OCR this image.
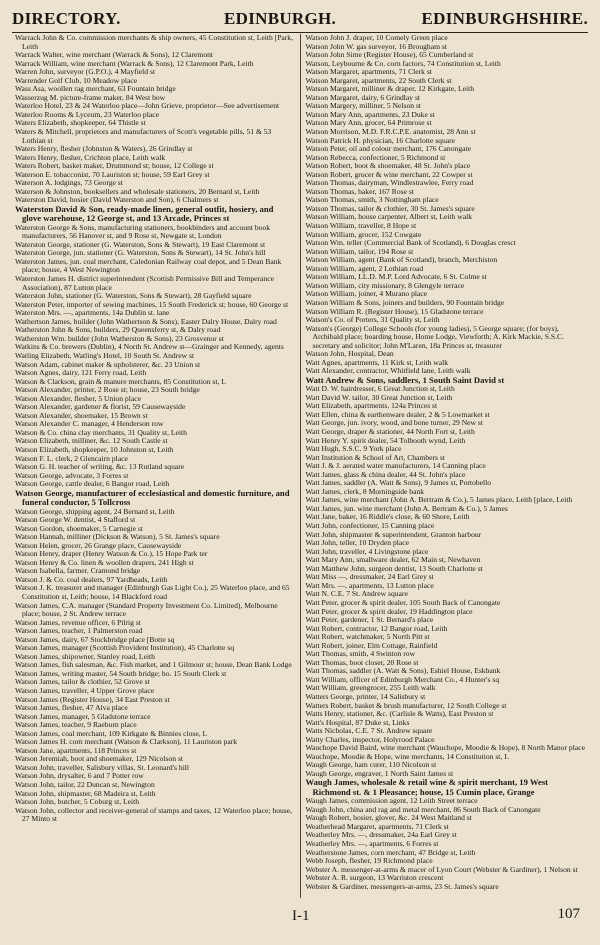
DIRECTORY.	EDINBURGH.	EDINBURGHSHIRE.
Warrack John & Co. commission merchants & ship owners, 45 Constitution st, Leith [Park, Leith
Warrack Walter, wine merchant (Warrack & Sons), 12 Claremont
Warrack William, wine merchant (Warrack & Sons), 12 Claremont Park, Leith
Warren John, surveyor (G.P.O.), 4 Mayfield st
Warrender Golf Club, 10 Meadow place
Wass Asa, woollen rag merchant, 63 Fountain bridge
Wasserzug M. picture-frame maker, 84 West bow
Waterloo Hotel, 23 & 24 Waterloo place—John Grieve, proprietor—See advertisement
Waterloo Rooms & Lyceum, 23 Waterloo place
Waters Elizabeth, shopkeeper, 64 Thistle st
Waters & Mitchell, proprietors and manufacturers of Scott's vegetable pills, 51 & 53 Lothian st
Waters Henry, flesher (Johnston & Waters), 26 Grindlay st
Waters Henry, flesher, Crichton place, Leith walk
Waters Robert, basket maker, Drummond st; house, 12 College st
Waterson E. tobacconist, 70 Lauriston st; house, 59 Earl Grey st
Waterson A. lodgings, 73 George st
Waterson & Johnston, booksellers and wholesale stationers, 20 Bernard st, Leith
Waterston David, hosier (David Waterston and Son), 6 Chalmers st
Waterston David & Son, ready-made linen, general outfit, hosiery, and glove warehouse, 12 George st, and 13 Arcade, Princes st
Waterston George & Sons, manufacturing stationers, bookbinders and account book manufacturers, 56 Hanover st, and 9 Rose st, Newgate st, London
Waterston George, stationer (G. Waterston, Sons & Stewart), 19 East Claremont st
Waterston George, jun. stationer (G. Waterston, Sons & Stewart), 14 St. John's hill
Waterston James, jun. coal merchant, Caledonian Railway coal depot, and 5 Dean Bank place; house, 4 West Newington
Waterston James H. district superintendent (Scottish Permissive Bill and Temperance Association), 87 Lutton place
Waterston John, stationer (G. Waterston, Sons & Stewart), 28 Gayfield square
Waterston Peter, importer of sewing machines, 15 South Frederick st; house, 60 George st
Waterston Mrs. —, apartments, 14a Dublin st. lane
Wathertson James, builder (John Wathertson & Sons), Easter Dalry House, Dalry road
Watherston John & Sons, builders, 29 Queensferry st, & Dalry road
Watherston Wm. builder (John Watherston & Sons), 23 Grosvenor st
Watkins & Co. brewers (Dublin), 4 North St. Andrew st—Grainger and Kennedy, agents
Watling Elizabeth, Watling's Hotel, 10 South St. Andrew st
Watson Adam, cabinet maker & upholsterer, &c. 23 Union st
Watson Agnes, dairy, 121 Ferry road, Leith
Watson & Clarkson, grain & manure merchants, 85 Constitution st, L
Watson Alexander, printer, 2 Rose st; house, 23 South bridge
Watson Alexander, flesher, 5 Union place
Watson Alexander, gardener & florist, 59 Causewayside
Watson Alexander, shoemaker, 15 Brown st
Watson Alexander C. manager, 4 Henderson row
Watson & Co. china clay merchants, 31 Quality st, Leith
Watson Elizabeth, milliner, &c. 12 South Castle st
Watson Elizabeth, shopkeeper, 10 Johnston st, Leith
Watson F. L. clerk, 2 Glencairn place
Watson G. H. teacher of writing, &c. 13 Rutland square
Watson George, advocate, 3 Forres st
Watson George, cattle dealer, 6 Bangor road, Leith
Watson George, manufacturer of ecclesiastical and domestic furniture, and funeral conductor, 5 Tollcross
Watson George, shipping agent, 24 Bernard st, Leith
Watson George W. dentist, 4 Stafford st
Watson Gordon, shoemaker, 5 Carnegie st
Watson Hannah, milliner (Dickson & Watson), 5 St. James's square
Watson Helen, grocer, 26 Grange place, Causewayside
Watson Henry, draper (Henry Watson & Co.), 15 Hope Park ter
Watson Henry & Co. linen & woollen drapers, 241 High st
Watson Isabella, farmer, Cramond bridge
Watson J. & Co. coal dealers, 97 Yardheads, Leith
Watson J. K. treasurer and manager (Edinburgh Gas Light Co.), 25 Waterloo place, and 65 Constitution st, Leith; house, 14 Blackford road
Watson James, C.A. manager (Standard Property Investment Co. Limited), Melbourne place; house, 2 St. Andrew terrace
Watson James, revenue officer, 6 Pilrig st
Watson James, teacher, 1 Palmerston road
Watson James, dairy, 67 Stockbridge place [Botte sq
Watson James, manager (Scottish Provident Institution), 45 Charlotte sq
Watson James, shipowner, Stanley road, Leith
Watson James, fish salesman, &c. Fish market, and 1 Gilmour st; house, Dean Bank Lodge
Watson James, writing master, 54 South bridge; ho. 15 South Clerk st
Watson James, tailor & clothier, 52 Grove st
Watson James, traveller, 4 Upper Grove place
Watson James (Register House), 34 East Preston st
Watson James, flesher, 47 Alva place
Watson James, manager, 5 Gladstone terrace
Watson James, teacher, 9 Raeburn place
Watson James, coal merchant, 109 Kirkgate & Binnies close, L
Watson James H. corn merchant (Watson & Clarkson), 11 Lauriston park
Watson Jane, apartments, 118 Princes st
Watson Jeremiah, boot and shoemaker, 129 Nicolson st
Watson John, traveller, Salisbury villas, St. Leonard's hill
Watson John, drysalter, 6 and 7 Potter row
Watson John, tailor, 22 Duncan st, Newington
Watson John, shipmaster, 68 Madeira st, Leith
Watson John, butcher, 5 Coburg st, Leith
Watson John, collector and receiver-general of stamps and taxes, 12 Waterloo place; house, 27 Minto st
Watson John J. draper, 10 Comely Green place
Watson John W. gas surveyor, 16 Brougham st
Watson John Sime (Register House), 65 Cumberland st
Watson, Leybourne & Co. corn factors, 74 Constitution st, Leith
Watson Margaret, apartments, 71 Clerk st
Watson Margaret, apartments, 22 South Clerk st
Watson Margaret, milliner & draper, 12 Kirkgate, Leith
Watson Margaret, dairy, 6 Grindlay st
Watson Margery, milliner, 5 Nelson st
Watson Mary Ann, apartments, 23 Duke st
Watson Mary Ann, grocer, 64 Primrose st
Watson Morrison, M.D. F.R.C.P.E. anatomist, 28 Ann st
Watson Patrick H. physician, 16 Charlotte square
Watson Peter, oil and colour merchant, 176 Canongate
Watson Rebecca, confectioner, 5 Richmond st
Watson Robert, boot & shoemaker, 48 St. John's place
Watson Robert, grocer & wine merchant, 22 Cowper st
Watson Thomas, dairyman, Windlestrawlee, Ferry road
Watson Thomas, baker, 167 Rose st
Watson Thomas, smith, 3 Nottingham place
Watson Thomas, tailor & clothier, 30 St. James's square
Watson William, house carpenter, Albert st, Leith walk
Watson William, traveller, 8 Hope st
Watson William, grocer, 152 Cowgate
Watson Wm. teller (Commercial Bank of Scotland), 6 Douglas cresct
Watson William, tailor, 194 Rose st
Watson William, agent (Bank of Scotland), branch, Merchiston
Watson William, agent, 2 Lothian road
Watson William, LL.D. M.P. Lord Advocate, 6 St. Colme st
Watson William, city missionary, 8 Glengyle terrace
Watson William, joiner, 4 Murano place
Watson William & Sons, joiners and builders, 90 Fountain bridge
Watson William R. (Register House), 15 Gladstone terrace
Watson's Co. of Porters, 31 Quality st, Leith
Watson's (George) College Schools (for young ladies), 5 George square; (for boys), Archibald place; boarding house, Home Lodge, Viewforth; A. Kirk Mackie, S.S.C. secretary and solicitor; John M'Laren, 18a Princes st, treasurer
Watson John, Hospital, Dean
Watt Agnes, apartments, 11 Kirk st, Leith walk
Watt Alexander, contractor, Whitfield lane, Leith walk
Watt Andrew & Sons, saddlers, 1 South Saint David st
Watt D. W. hairdresser, 6 Great Junction st, Leith
Watt David W. tailor, 30 Great Junction st, Leith
Watt Elizabeth, apartments, 124a Princes st
Watt Ellen, china & earthenware dealer, 2 & 5 Lowmarket st
Watt George, jun. ivory, wood, and bone turner, 29 New st
Watt George, draper & stationer, 44 North Fort st, Leith
Watt Henry Y. spirit dealer, 54 Tolbooth wynd, Leith
Watt Hugh, S.S.C. 9 York place
Watt Institution & School of Art, Chambers st
Watt J. & J. aerated water manufacturers, 14 Canning place
Watt James, glass & china dealer, 44 St. John's place
Watt James, saddler (A. Watt & Sons), 9 James st, Portobello
Watt James, clerk, 8 Morningside bank
Watt James, wine merchant (John A. Bertram & Co.), 5 James place, Leith [place, Leith
Watt James, jun. wine merchant (John A. Bertram & Co.), 5 James
Watt Jane, baker, 16 Riddle's close, & 60 Shore, Leith
Watt John, confectioner, 15 Canning place
Watt John, shipmaster & superintendent, Granton harbour
Watt John, teller, 10 Dryden place
Watt John, traveller, 4 Livingstone place
Watt Mary Ann, smallware dealer, 62 Main st, Newhaven
Watt Matthew John, surgeon dentist, 13 South Charlotte st
Watt Miss —, dressmaker, 24 Earl Grey st
Watt Mrs. —, apartments, 13 Lutton place
Watt N. C.E. 7 St. Andrew square
Watt Peter, grocer & spirit dealer, 105 South Back of Canongate
Watt Peter, grocer & spirit dealer, 19 Haddington place
Watt Peter, gardener, 1 St. Bernard's place
Watt Robert, contractor, 12 Bangor road, Leith
Watt Robert, watchmaker, 5 North Pitt st
Watt Robert, joiner, Elm Cottage, Rainfield
Watt Thomas, smith, 4 Swinton row
Watt Thomas, boot closer, 20 Rose st
Watt Thomas, saddler (A. Watt & Sons), Eshiel House, Eskbank
Watt William, officer of Edinburgh Merchant Co., 4 Hunter's sq
Watt William, greengrocer, 255 Leith walk
Watters George, printer, 14 Salisbury st
Watters Robert, basket & brush manufacturer, 12 South College st
Watts Henry, stationer, &c. (Carlisle & Watts), East Preston st
Watt's Hospital, 87 Duke st, Links
Watts Nicholas, C.E. 7 St. Andrew square
Watty Charles, inspector, Holyrood Palace
Wauchope David Baird, wine merchant (Wauchope, Moodie & Hope), 8 North Manor place
Wauchope, Moodie & Hope, wine merchants, 14 Constitution st, L
Waugh George, ham curer, 110 Nicolson st
Waugh George, engraver, 1 North Saint James st
Waugh James, wholesale & retail wine & spirit merchant, 19 West Richmond st. & 1 Pleasance; house, 15 Cumin place, Grange
Waugh James, commission agent, 12 Leith Street terrace
Waugh John, china and rag and metal merchant, 86 South Back of Canongate
Waugh Robert, hosier, glover, &c. 24 West Maitland st
Weatherhead Margaret, apartments, 71 Clerk st
Weatherley Mrs. —, dressmaker, 24a Earl Grey st
Weatherley Mrs. —, apartments, 6 Forres st
Weatherstone James, corn merchant, 47 Bridge st, Leith
Webb Joseph, flesher, 19 Richmond place
Webster A. messenger-at-arms & macer of Lyon Court (Webster & Gardiner), 1 Nelson st
Webster A. R. surgeon, 13 Warriston crescent
Webster & Gardiner, messengers-at-arms, 23 St. James's square
I-1	107
